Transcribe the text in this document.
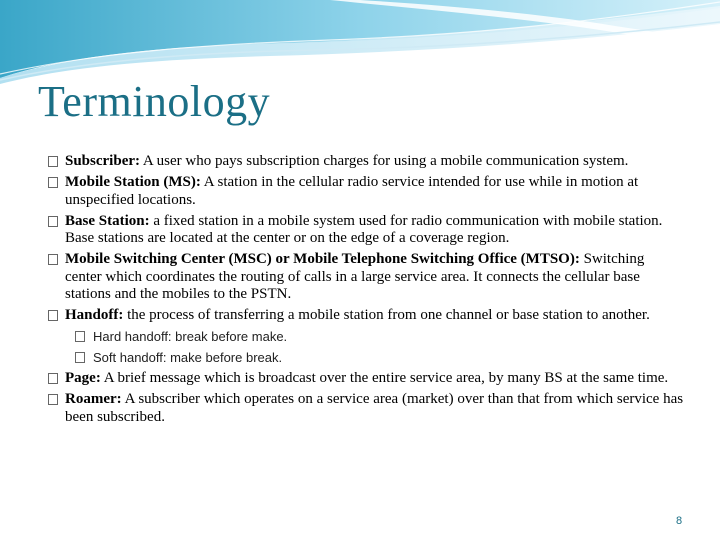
Terminology
Subscriber: A user who pays subscription charges for using a mobile communication system.
Mobile Station (MS): A station in the cellular radio service intended for use while in motion at unspecified locations.
Base Station: a fixed station in a mobile system used for radio communication with mobile station. Base stations are located at the center or on the edge of a coverage region.
Mobile Switching Center (MSC) or Mobile Telephone Switching Office (MTSO): Switching center which coordinates the routing of calls in a large service area. It connects the cellular base stations and the mobiles to the PSTN.
Handoff: the process of transferring a mobile station from one channel or base station to another.
Hard handoff: break before make.
Soft handoff: make before break.
Page: A brief message which is broadcast over the entire service area, by many BS at the same time.
Roamer: A subscriber which operates on a service area (market) over than that from which service has been subscribed.
8
